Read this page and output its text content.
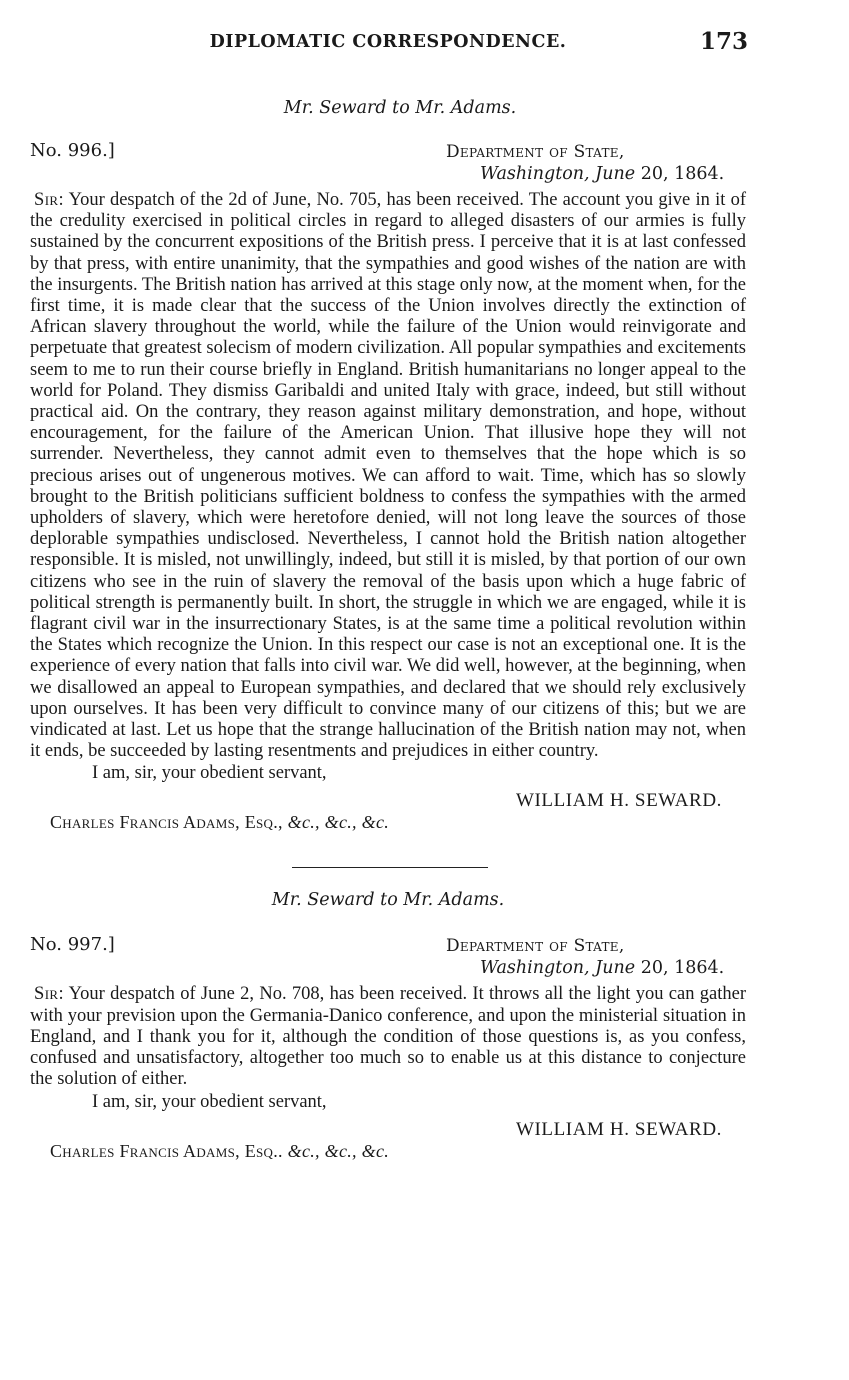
DIPLOMATIC CORRESPONDENCE.	173
Mr. Seward to Mr. Adams.
No. 996.]	Department of State,
Washington, June 20, 1864.

Sir: Your despatch of the 2d of June, No. 705, has been received. The account you give in it of the credulity exercised in political circles in regard to alleged disasters of our armies is fully sustained by the concurrent expositions of the British press. I perceive that it is at last confessed by that press, with entire unanimity, that the sympathies and good wishes of the nation are with the insurgents. The British nation has arrived at this stage only now, at the moment when, for the first time, it is made clear that the success of the Union involves directly the extinction of African slavery throughout the world, while the failure of the Union would reinvigorate and perpetuate that greatest solecism of modern civilization. All popular sympathies and excitements seem to me to run their course briefly in England. British humanitarians no longer appeal to the world for Poland. They dismiss Garibaldi and united Italy with grace, indeed, but still without practical aid. On the contrary, they reason against military demonstration, and hope, without encouragement, for the failure of the American Union. That illusive hope they will not surrender. Nevertheless, they cannot admit even to themselves that the hope which is so precious arises out of ungenerous motives. We can afford to wait. Time, which has so slowly brought to the British politicians sufficient boldness to confess the sympathies with the armed upholders of slavery, which were heretofore denied, will not long leave the sources of those deplorable sympathies undisclosed. Nevertheless, I cannot hold the British nation altogether responsible. It is misled, not unwillingly, indeed, but still it is misled, by that portion of our own citizens who see in the ruin of slavery the removal of the basis upon which a huge fabric of political strength is permanently built. In short, the struggle in which we are engaged, while it is flagrant civil war in the insurrectionary States, is at the same time a political revolution within the States which recognize the Union. In this respect our case is not an exceptional one. It is the experience of every nation that falls into civil war. We did well, however, at the beginning, when we disallowed an appeal to European sympathies, and declared that we should rely exclusively upon ourselves. It has been very difficult to convince many of our citizens of this; but we are vindicated at last. Let us hope that the strange hallucination of the British nation may not, when it ends, be succeeded by lasting resentments and prejudices in either country.

I am, sir, your obedient servant,
WILLIAM H. SEWARD.
Charles Francis Adams, Esq., &c., &c., &c.
Mr. Seward to Mr. Adams.
No. 997.]	Department of State,
Washington, June 20, 1864.

Sir: Your despatch of June 2, No. 708, has been received. It throws all the light you can gather with your prevision upon the Germania-Danico conference, and upon the ministerial situation in England, and I thank you for it, although the condition of those questions is, as you confess, confused and unsatisfactory, altogether too much so to enable us at this distance to conjecture the solution of either.

I am, sir, your obedient servant,
WILLIAM H. SEWARD.
Charles Francis Adams, Esq.. &c., &c., &c.
